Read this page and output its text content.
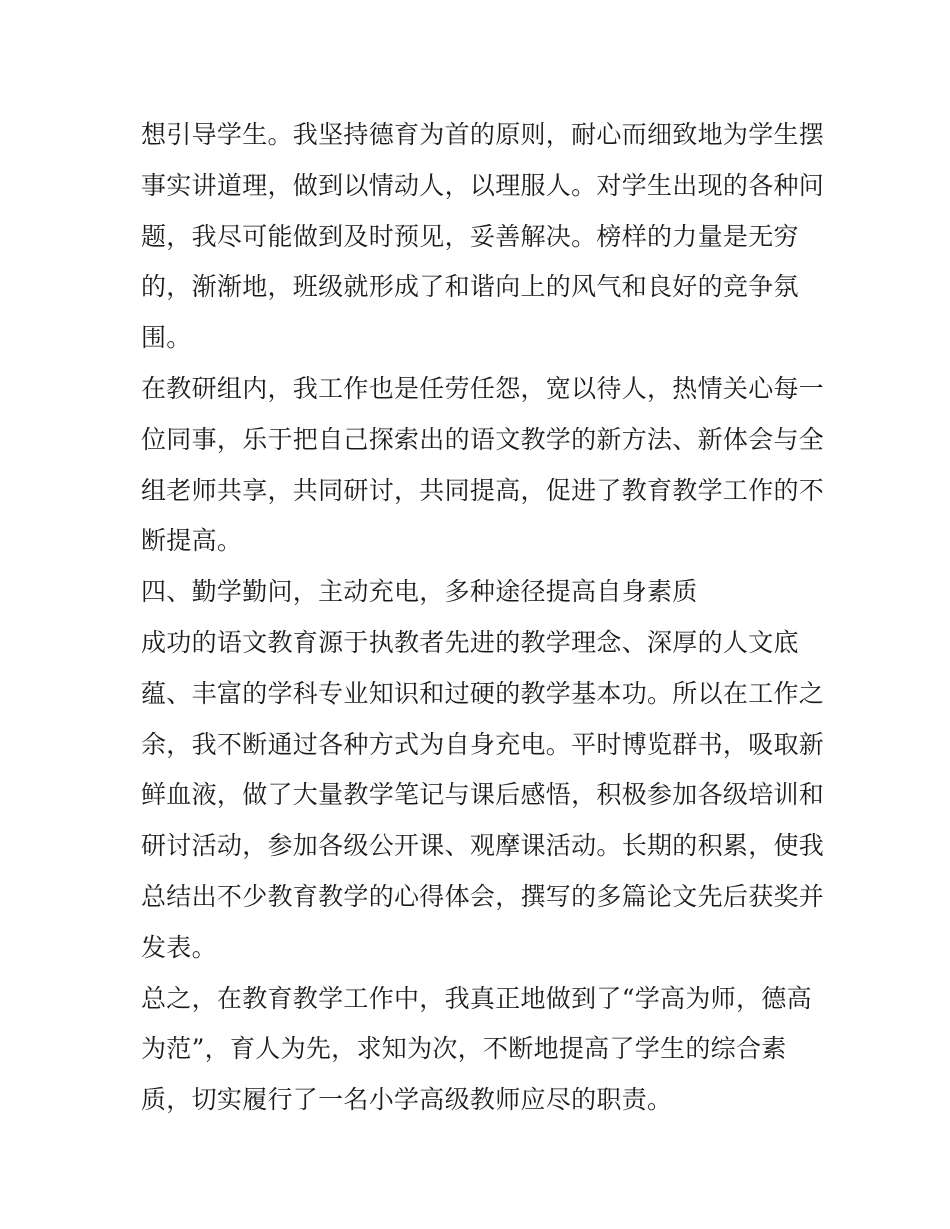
想引导学生。我坚持德育为首的原则，耐心而细致地为学生摆
事实讲道理，做到以情动人，以理服人。对学生出现的各种问
题，我尽可能做到及时预见，妥善解决。榜样的力量是无穷
的，渐渐地，班级就形成了和谐向上的风气和良好的竞争氛
围。
在教研组内，我工作也是任劳任怨，宽以待人，热情关心每一
位同事，乐于把自己探索出的语文教学的新方法、新体会与全
组老师共享，共同研讨，共同提高，促进了教育教学工作的不
断提高。
四、勤学勤问，主动充电，多种途径提高自身素质
成功的语文教育源于执教者先进的教学理念、深厚的人文底
蕴、丰富的学科专业知识和过硬的教学基本功。所以在工作之
余，我不断通过各种方式为自身充电。平时博览群书，吸取新
鲜血液，做了大量教学笔记与课后感悟，积极参加各级培训和
研讨活动，参加各级公开课、观摩课活动。长期的积累，使我
总结出不少教育教学的心得体会，撰写的多篇论文先后获奖并
发表。
总之，在教育教学工作中，我真正地做到了“学高为师，德高
为范”，育人为先，求知为次，不断地提高了学生的综合素
质，切实履行了一名小学高级教师应尽的职责。
